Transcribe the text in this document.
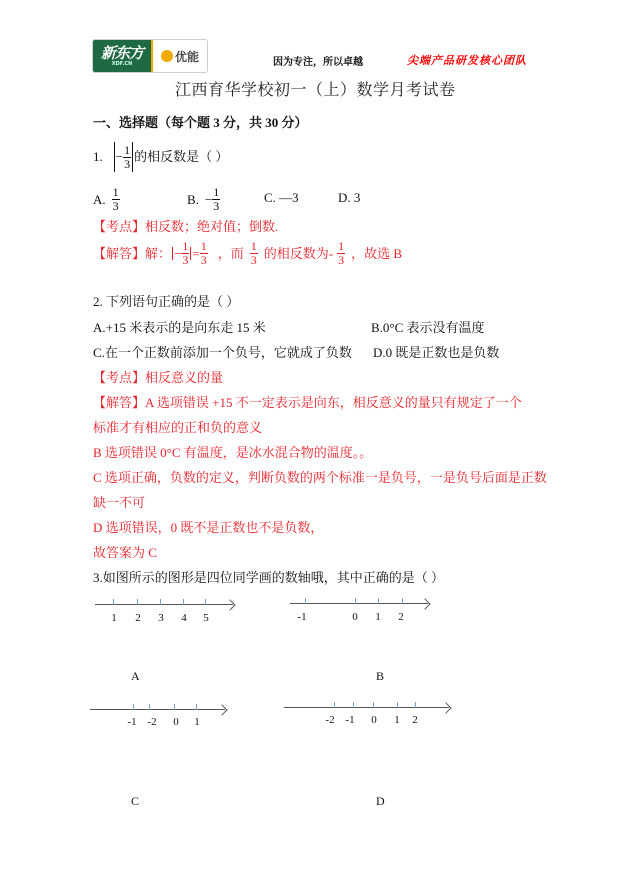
新东方
XDF.CN
优能	因为专注，所以卓越	尖端产品研发核心团队
江西育华学校初一（上）数学月考试卷
一、选择题（每个题 3 分，共 30 分）
1. − $\frac{1}{3}$ 的相反数是（ ）
A. $\frac{1}{3}$	B. − $\frac{1}{3}$	C. —3	D. 3
【考点】相反数；绝对值；倒数.
【解答】解： − $\frac{1}{3} = \frac{1}{3}$ ，而 $\frac{1}{3}$ 的相反数为- $\frac{1}{3}$ ，故选 B
2. 下列语句正确的是（ ）
A.+15 米表示的是向东走 15 米	B.0°C 表示没有温度
C.在一个正数前添加一个负号，它就成了负数 D.0 既是正数也是负数
【考点】相反意义的量
【解答】A 选项错误 +15 不一定表示是向东，相反意义的量只有规定了一个
标准才有相应的正和负的意义
B 选项错误 0°C 有温度，是冰水混合物的温度。。
C 选项正确，负数的定义，判断负数的两个标准一是负号，一是负号后面是正数
缺一不可
D 选项错误，0 既不是正数也不是负数，
故答案为 C
3.如图所示的图形是四位同学画的数轴哦，其中正确的是（ ）
1 2 3 4 5
A
-1	0 1 2
B
-1 -2 0 1
C
-2 -1 0 1 2
D
